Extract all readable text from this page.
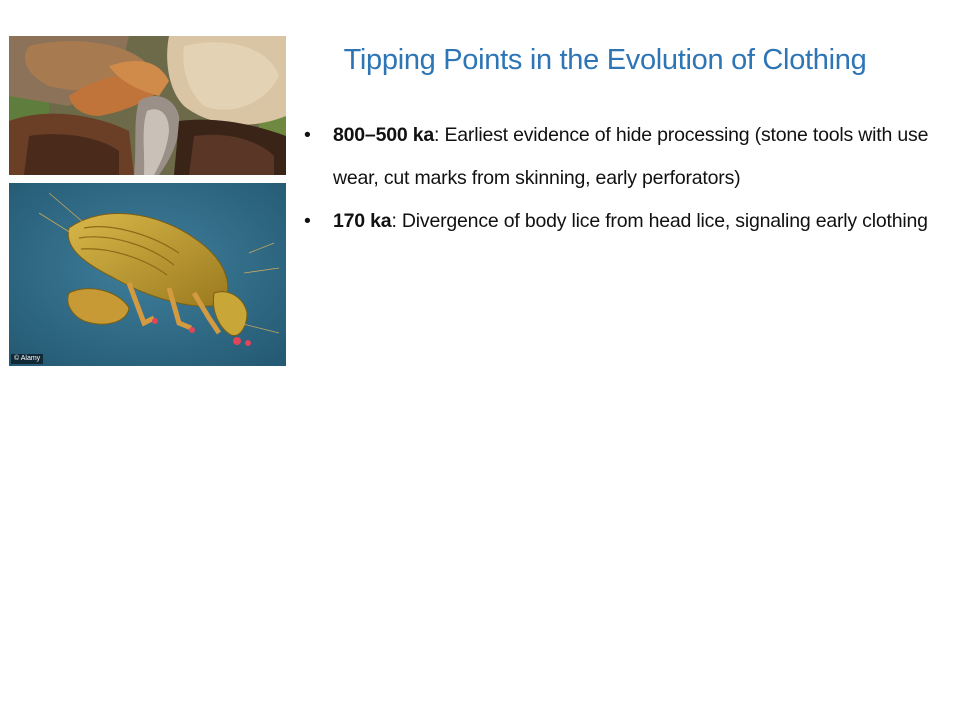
© Alamy
Tipping Points in the Evolution of Clothing
•	800–500 ka: Earliest evidence of hide processing (stone tools with use wear, cut marks from skinning, early perforators)
•	170 ka: Divergence of body lice from head lice, signaling early clothing
